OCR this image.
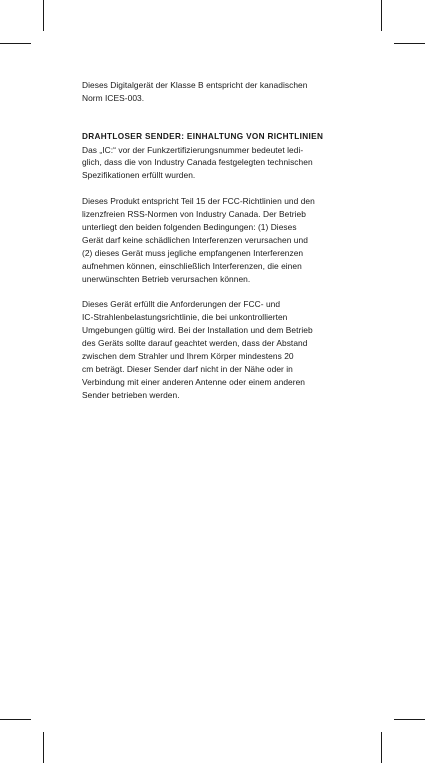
Dieses Digitalgerät der Klasse B entspricht der kanadischen
Norm ICES-003.

DRAHTLOSER SENDER: EINHALTUNG VON RICHTLINIEN

Das „IC:“ vor der Funkzertifizierungsnummer bedeutet ledi-
glich, dass die von Industry Canada festgelegten technischen
Spezifikationen erfüllt wurden.

Dieses Produkt entspricht Teil 15 der FCC-Richtlinien und den
lizenzfreien RSS-Normen von Industry Canada. Der Betrieb
unterliegt den beiden folgenden Bedingungen: (1) Dieses
Gerät darf keine schädlichen Interferenzen verursachen und
(2) dieses Gerät muss jegliche empfangenen Interferenzen
aufnehmen können, einschließlich Interferenzen, die einen
unerwünschten Betrieb verursachen können.

Dieses Gerät erfüllt die Anforderungen der FCC- und
IC-Strahlenbelastungsrichtlinie, die bei unkontrollierten
Umgebungen gültig wird. Bei der Installation und dem Betrieb
des Geräts sollte darauf geachtet werden, dass der Abstand
zwischen dem Strahler und Ihrem Körper mindestens 20
cm beträgt. Dieser Sender darf nicht in der Nähe oder in
Verbindung mit einer anderen Antenne oder einem anderen
Sender betrieben werden.
